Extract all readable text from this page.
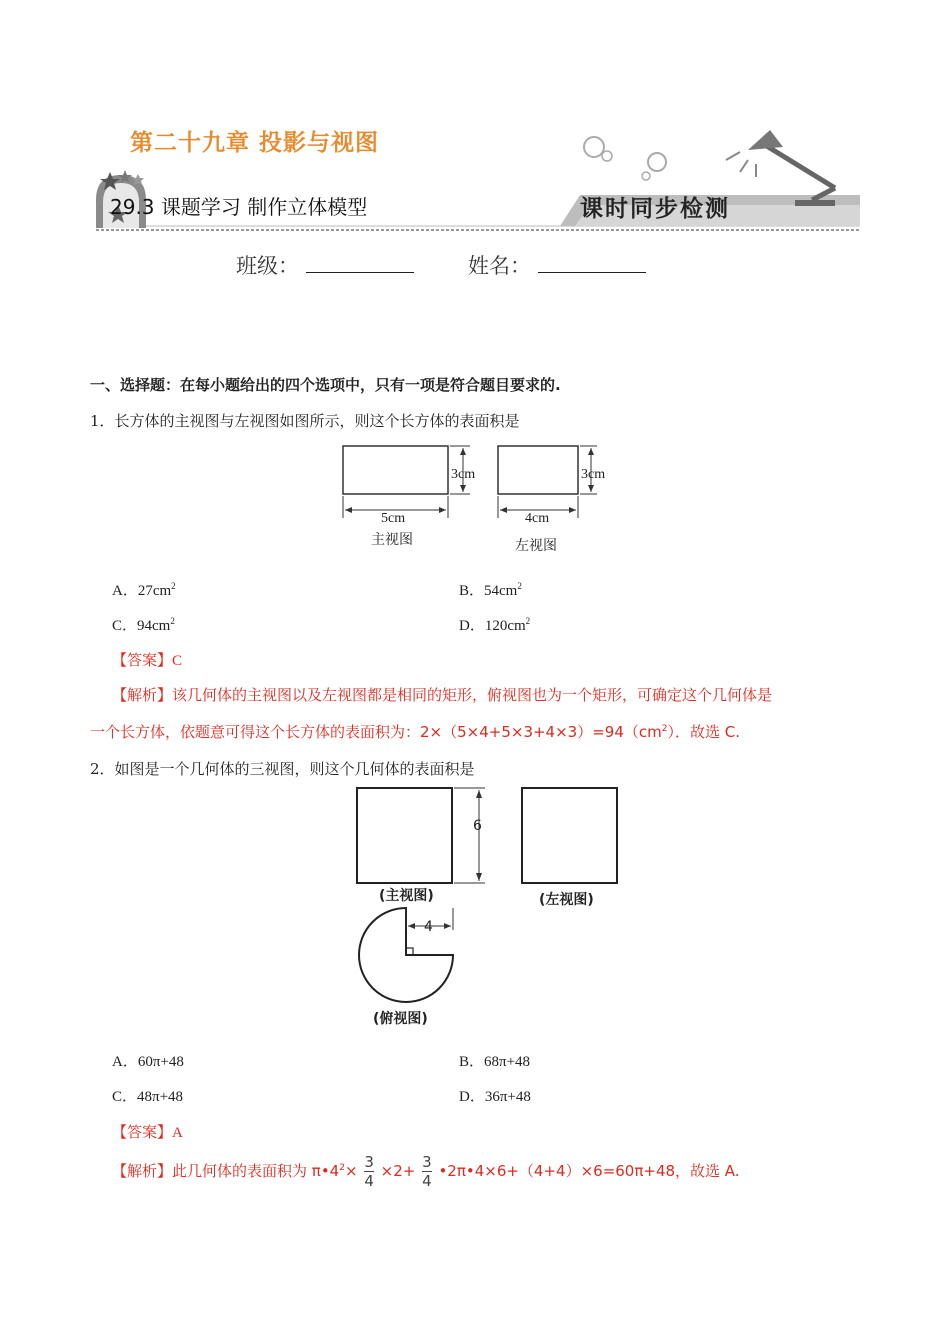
第二十九章 投影与视图
29.3 课题学习 制作立体模型	课时同步检测
班级：	姓名：
一、选择题：在每小题给出的四个选项中，只有一项是符合题目要求的.
1．长方体的主视图与左视图如图所示，则这个长方体的表面积是
3cm
5cm
主视图
3cm
4cm
左视图
A．$27cm^2$	B．$54cm^2$
C．$94cm^2$	D．$120cm^2$
【答案】C
【解析】该几何体的主视图以及左视图都是相同的矩形，俯视图也为一个矩形，可确定这个几何体是
一个长方体，依题意可得这个长方体的表面积为：$2\times(5\times 4+5\times 3+4\times 3)=94(cm^2)$．故选 C.
2．如图是一个几何体的三视图，则这个几何体的表面积是
6
(主视图)	(左视图)
4
(俯视图)
A．60π+48	B．68π+48
C．48π+48	D．36π+48
【答案】A
【解析】此几何体的表面积为 $\pi•4^2\times \frac{3}{4} \times 2+ \frac{3}{4}$ •2π•4×6+（4+4）×6=60π+48，故选 A.
